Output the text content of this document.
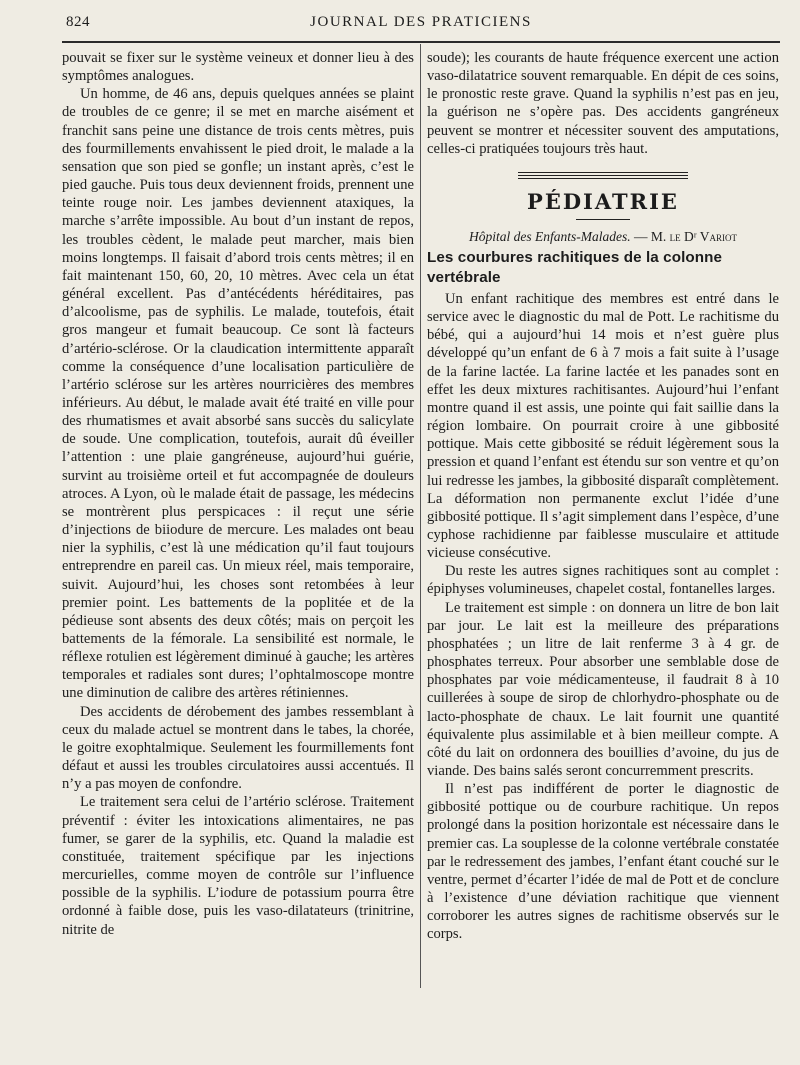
824	JOURNAL DES PRATICIENS

pouvait se fixer sur le système veineux et donner lieu à des symptômes analogues.

Un homme, de 46 ans, depuis quelques années se plaint de troubles de ce genre; il se met en marche aisément et franchit sans peine une distance de trois cents mètres, puis des fourmillements envahissent le pied droit, le malade a la sensation que son pied se gonfle; un instant après, c’est le pied gauche. Puis tous deux deviennent froids, prennent une teinte rouge noir. Les jambes deviennent ataxiques, la marche s’arrête impossible. Au bout d’un instant de repos, les troubles cèdent, le malade peut marcher, mais bien moins longtemps. Il faisait d’abord trois cents mètres; il en fait maintenant 150, 60, 20, 10 mètres. Avec cela un état général excellent. Pas d’antécédents héréditaires, pas d’alcoolisme, pas de syphilis. Le malade, toutefois, était gros mangeur et fumait beaucoup. Ce sont là facteurs d’artério-sclérose. Or la claudication intermittente apparaît comme la conséquence d’une localisation particulière de l’artério sclérose sur les artères nourricières des membres inférieurs. Au début, le malade avait été traité en ville pour des rhumatismes et avait absorbé sans succès du salicylate de soude. Une complication, toutefois, aurait dû éveiller l’attention : une plaie gangréneuse, aujourd’hui guérie, survint au troisième orteil et fut accompagnée de douleurs atroces. A Lyon, où le malade était de passage, les médecins se montrèrent plus perspicaces : il reçut une série d’injections de biiodure de mercure. Les malades ont beau nier la syphilis, c’est là une médication qu’il faut toujours entreprendre en pareil cas. Un mieux réel, mais temporaire, suivit. Aujourd’hui, les choses sont retombées à leur premier point. Les battements de la poplitée et de la pédieuse sont absents des deux côtés; mais on perçoit les battements de la fémorale. La sensibilité est normale, le réflexe rotulien est légèrement diminué à gauche; les artères temporales et radiales sont dures; l’ophtalmoscope montre une diminution de calibre des artères rétiniennes.

Des accidents de dérobement des jambes ressemblant à ceux du malade actuel se montrent dans le tabes, la chorée, le goitre exophtalmique. Seulement les fourmillements font défaut et aussi les troubles circulatoires aussi accentués. Il n’y a pas moyen de confondre.

Le traitement sera celui de l’artério sclérose. Traitement préventif : éviter les intoxications alimentaires, ne pas fumer, se garer de la syphilis, etc. Quand la maladie est constituée, traitement spécifique par les injections mercurielles, comme moyen de contrôle sur l’influence possible de la syphilis. L’iodure de potassium pourra être ordonné à faible dose, puis les vaso-dilatateurs (trinitrine, nitrite de

soude); les courants de haute fréquence exercent une action vaso-dilatatrice souvent remarquable. En dépit de ces soins, le pronostic reste grave. Quand la syphilis n’est pas en jeu, la guérison ne s’opère pas. Des accidents gangréneux peuvent se montrer et nécessiter souvent des amputations, celles-ci pratiquées toujours très haut.

PÉDIATRIE
Hôpital des Enfants-Malades. — M. le Dʳ Variot
Les courbures rachitiques de la colonne vertébrale

Un enfant rachitique des membres est entré dans le service avec le diagnostic du mal de Pott. Le rachitisme du bébé, qui a aujourd’hui 14 mois et n’est guère plus développé qu’un enfant de 6 à 7 mois a fait suite à l’usage de la farine lactée. La farine lactée et les panades sont en effet les deux mixtures rachitisantes. Aujourd’hui l’enfant montre quand il est assis, une pointe qui fait saillie dans la région lombaire. On pourrait croire à une gibbosité pottique. Mais cette gibbosité se réduit légèrement sous la pression et quand l’enfant est étendu sur son ventre et qu’on lui redresse les jambes, la gibbosité disparaît complètement. La déformation non permanente exclut l’idée d’une gibbosité pottique. Il s’agit simplement dans l’espèce, d’une cyphose rachidienne par faiblesse musculaire et attitude vicieuse consécutive.

Du reste les autres signes rachitiques sont au complet : épiphyses volumineuses, chapelet costal, fontanelles larges.

Le traitement est simple : on donnera un litre de bon lait par jour. Le lait est la meilleure des préparations phosphatées ; un litre de lait renferme 3 à 4 gr. de phosphates terreux. Pour absorber une semblable dose de phosphates par voie médicamenteuse, il faudrait 8 à 10 cuillerées à soupe de sirop de chlorhydro-phosphate ou de lacto-phosphate de chaux. Le lait fournit une quantité équivalente plus assimilable et à bien meilleur compte. A côté du lait on ordonnera des bouillies d’avoine, du jus de viande. Des bains salés seront concurremment prescrits.

Il n’est pas indifférent de porter le diagnostic de gibbosité pottique ou de courbure rachitique. Un repos prolongé dans la position horizontale est nécessaire dans le premier cas. La souplesse de la colonne vertébrale constatée par le redressement des jambes, l’enfant étant couché sur le ventre, permet d’écarter l’idée de mal de Pott et de conclure à l’existence d’une déviation rachitique que viennent corroborer les autres signes de rachitisme observés sur le corps.
